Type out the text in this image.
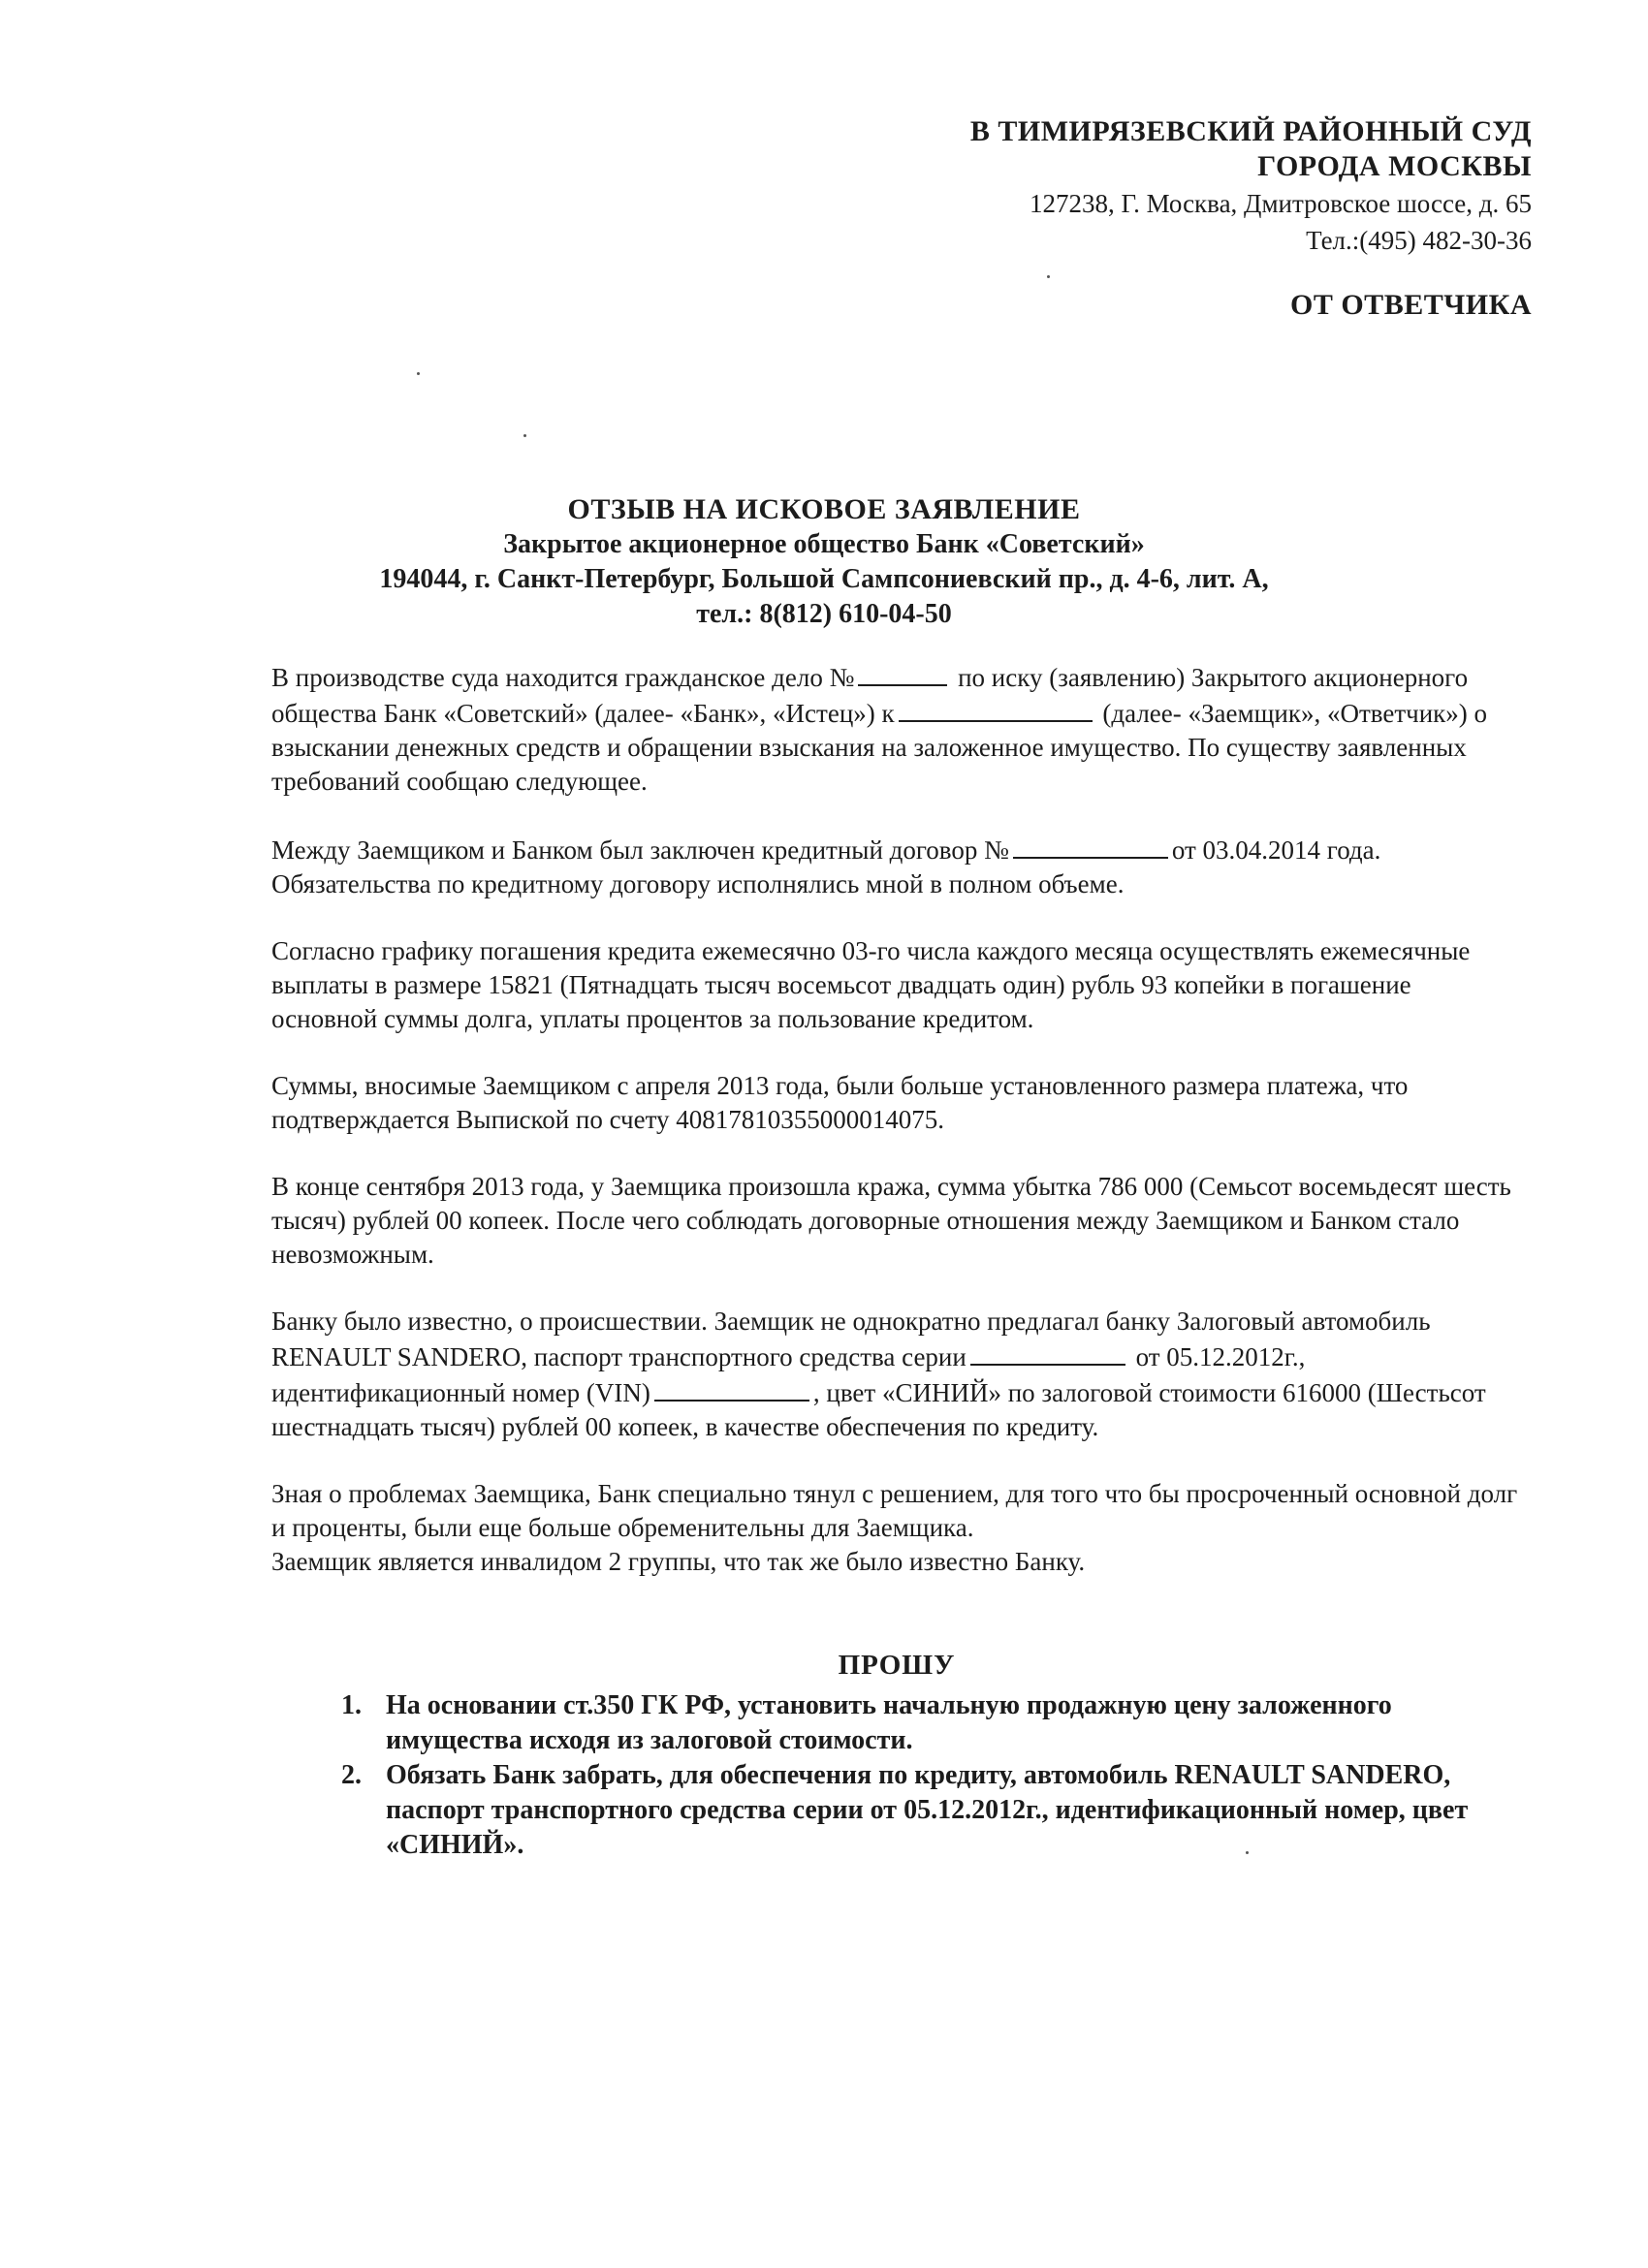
В ТИМИРЯЗЕВСКИЙ РАЙОННЫЙ СУД
ГОРОДА МОСКВЫ
127238, Г. Москва, Дмитровское шоссе, д. 65
Тел.:(495) 482-30-36
ОТ ОТВЕТЧИКА
ОТЗЫВ НА ИСКОВОЕ ЗАЯВЛЕНИЕ
Закрытое акционерное общество Банк «Советский»
194044, г. Санкт-Петербург, Большой Сампсониевский пр., д. 4-6, лит. А,
тел.: 8(812) 610-04-50

В производстве суда находится гражданское дело №	по иску (заявлению) Закрытого акционерного общества Банк «Советский» (далее- «Банк», «Истец») к	(далее- «Заемщик», «Ответчик») о взыскании денежных средств и обращении взыскания на заложенное имущество. По существу заявленных требований сообщаю следующее.

Между Заемщиком и Банком был заключен кредитный договор №	от 03.04.2014 года. Обязательства по кредитному договору исполнялись мной в полном объеме.

Согласно графику погашения кредита ежемесячно 03-го числа каждого месяца осуществлять ежемесячные выплаты в размере 15821 (Пятнадцать тысяч восемьсот двадцать один) рубль 93 копейки в погашение основной суммы долга, уплаты процентов за пользование кредитом.

Суммы, вносимые Заемщиком с апреля 2013 года, были больше установленного размера платежа, что подтверждается Выпиской по счету 40817810355000014075.

В конце сентября 2013 года, у Заемщика произошла кража, сумма убытка 786 000 (Семьсот восемьдесят шесть тысяч) рублей 00 копеек. После чего соблюдать договорные отношения между Заемщиком и Банком стало невозможным.

Банку было известно, о происшествии. Заемщик не однократно предлагал банку Залоговый автомобиль RENAULT SANDERO, паспорт транспортного средства серии	от 05.12.2012г., идентификационный номер (VIN)	, цвет «СИНИЙ» по залоговой стоимости 616000 (Шестьсот шестнадцать тысяч) рублей 00 копеек, в качестве обеспечения по кредиту.

Зная о проблемах Заемщика, Банк специально тянул с решением, для того что бы просроченный основной долг и проценты, были еще больше обременительны для Заемщика.
Заемщик является инвалидом 2 группы, что так же было известно Банку.

ПРОШУ
1. На основании ст.350 ГК РФ, установить начальную продажную цену заложенного имущества исходя из залоговой стоимости.
2. Обязать Банк забрать, для обеспечения по кредиту, автомобиль RENAULT SANDERO, паспорт транспортного средства серии от 05.12.2012г., идентификационный номер, цвет «СИНИЙ».
